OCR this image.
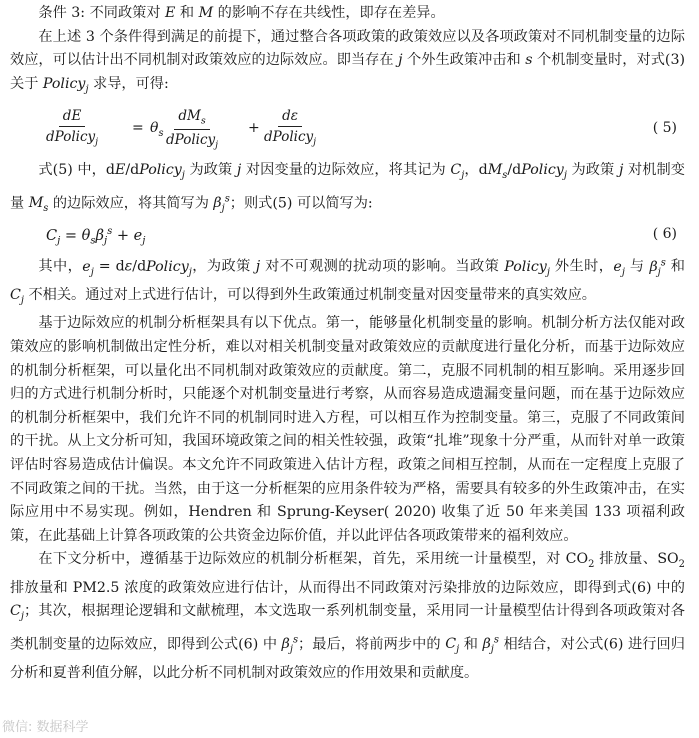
条件 3: 不同政策对 E 和 M 的影响不存在共线性，即存在差异。

在上述 3 个条件得到满足的前提下，通过整合各项政策的政策效应以及各项政策对不同机制变量的边际效应，可以估计出不同机制对政策效应的边际效应。即当存在 j 个外生政策冲击和 s 个机制变量时，对式(3) 关于 Policy$_j$ 求导，可得:

dE
dPolicy$_j$
= $\theta_s$
$dM_s$
dPolicy$_j$
+
dε
dPolicy$_j$
( 5)

式(5) 中，dE/dPolicy$_j$ 为政策 j 对因变量的边际效应，将其记为 $C_j$，$dM_s/dPolicy_j$ 为政策 j 对机制变量 $M_s$ 的边际效应，将其简写为 $\beta_j^s$；则式(5) 可以简写为:

$C_j = \theta_s\beta_j^s + e_j$	( 6)

其中，$e_j$ = dε/dPolicy$_j$，为政策 j 对不可观测的扰动项的影响。当政策 Policy$_j$ 外生时，$e_j$ 与 $\beta_j^s$ 和 $C_j$ 不相关。通过对上式进行估计，可以得到外生政策通过机制变量对因变量带来的真实效应。

基于边际效应的机制分析框架具有以下优点。第一，能够量化机制变量的影响。机制分析方法仅能对政策效应的影响机制做出定性分析，难以对相关机制变量对政策效应的贡献度进行量化分析，而基于边际效应的机制分析框架，可以量化出不同机制对政策效应的贡献度。第二，克服不同机制的相互影响。采用逐步回归的方式进行机制分析时，只能逐个对机制变量进行考察，从而容易造成遗漏变量问题，而在基于边际效应的机制分析框架中，我们允许不同的机制同时进入方程，可以相互作为控制变量。第三，克服了不同政策间的干扰。从上文分析可知，我国环境政策之间的相关性较强，政策“扎堆”现象十分严重，从而针对单一政策评估时容易造成估计偏误。本文允许不同政策进入估计方程，政策之间相互控制，从而在一定程度上克服了不同政策之间的干扰。当然，由于这一分析框架的应用条件较为严格，需要具有较多的外生政策冲击，在实际应用中不易实现。例如，Hendren 和 Sprung-Keyser( 2020) 收集了近 50 年来美国 133 项福利政策，在此基础上计算各项政策的公共资金边际价值，并以此评估各项政策带来的福利效应。

在下文分析中，遵循基于边际效应的机制分析框架，首先，采用统一计量模型，对 $CO_2$ 排放量、$SO_2$ 排放量和 PM2.5 浓度的政策效应进行估计，从而得出不同政策对污染排放的边际效应，即得到式(6) 中的 $C_j$；其次，根据理论逻辑和文献梳理，本文选取一系列机制变量，采用同一计量模型估计得到各项政策对各类机制变量的边际效应，即得到公式(6) 中 $\beta_j^s$；最后，将前两步中的 $C_j$ 和 $\beta_j^s$ 相结合，对公式(6) 进行回归分析和夏普利值分解，以此分析不同机制对政策效应的作用效果和贡献度。

微信: 数据科学
